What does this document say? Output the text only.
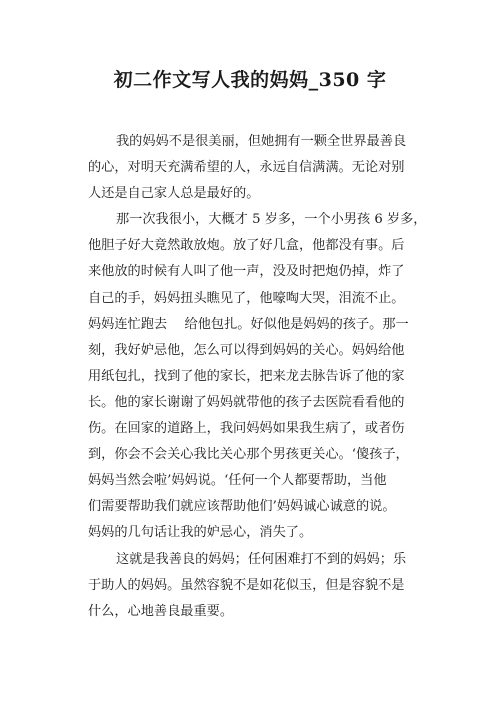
初二作文写人我的妈妈_350 字
我的妈妈不是很美丽，但她拥有一颗全世界最善良
的心，对明天充满希望的人，永远自信满满。无论对别
人还是自己家人总是最好的。
那一次我很小，大概才 5 岁多，一个小男孩 6 岁多，
他胆子好大竟然敢放炮。放了好几盒，他都没有事。后
来他放的时候有人叫了他一声，没及时把炮仍掉，炸了
自己的手，妈妈扭头瞧见了，他嚎啕大哭，泪流不止。
妈妈连忙跑去　 给他包扎。好似他是妈妈的孩子。那一
刻，我好妒忌他，怎么可以得到妈妈的关心。妈妈给他
用纸包扎，找到了他的家长，把来龙去脉告诉了他的家
长。他的家长谢谢了妈妈就带他的孩子去医院看看他的
伤。在回家的道路上，我问妈妈如果我生病了，或者伤
到，你会不会关心我比关心那个男孩更关心。‘傻孩子，
妈妈当然会啦’妈妈说。‘任何一个人都要帮助，当他
们需要帮助我们就应该帮助他们’妈妈诚心诚意的说。
妈妈的几句话让我的妒忌心，消失了。
这就是我善良的妈妈；任何困难打不到的妈妈；乐
于助人的妈妈。虽然容貌不是如花似玉，但是容貌不是
什么，心地善良最重要。
